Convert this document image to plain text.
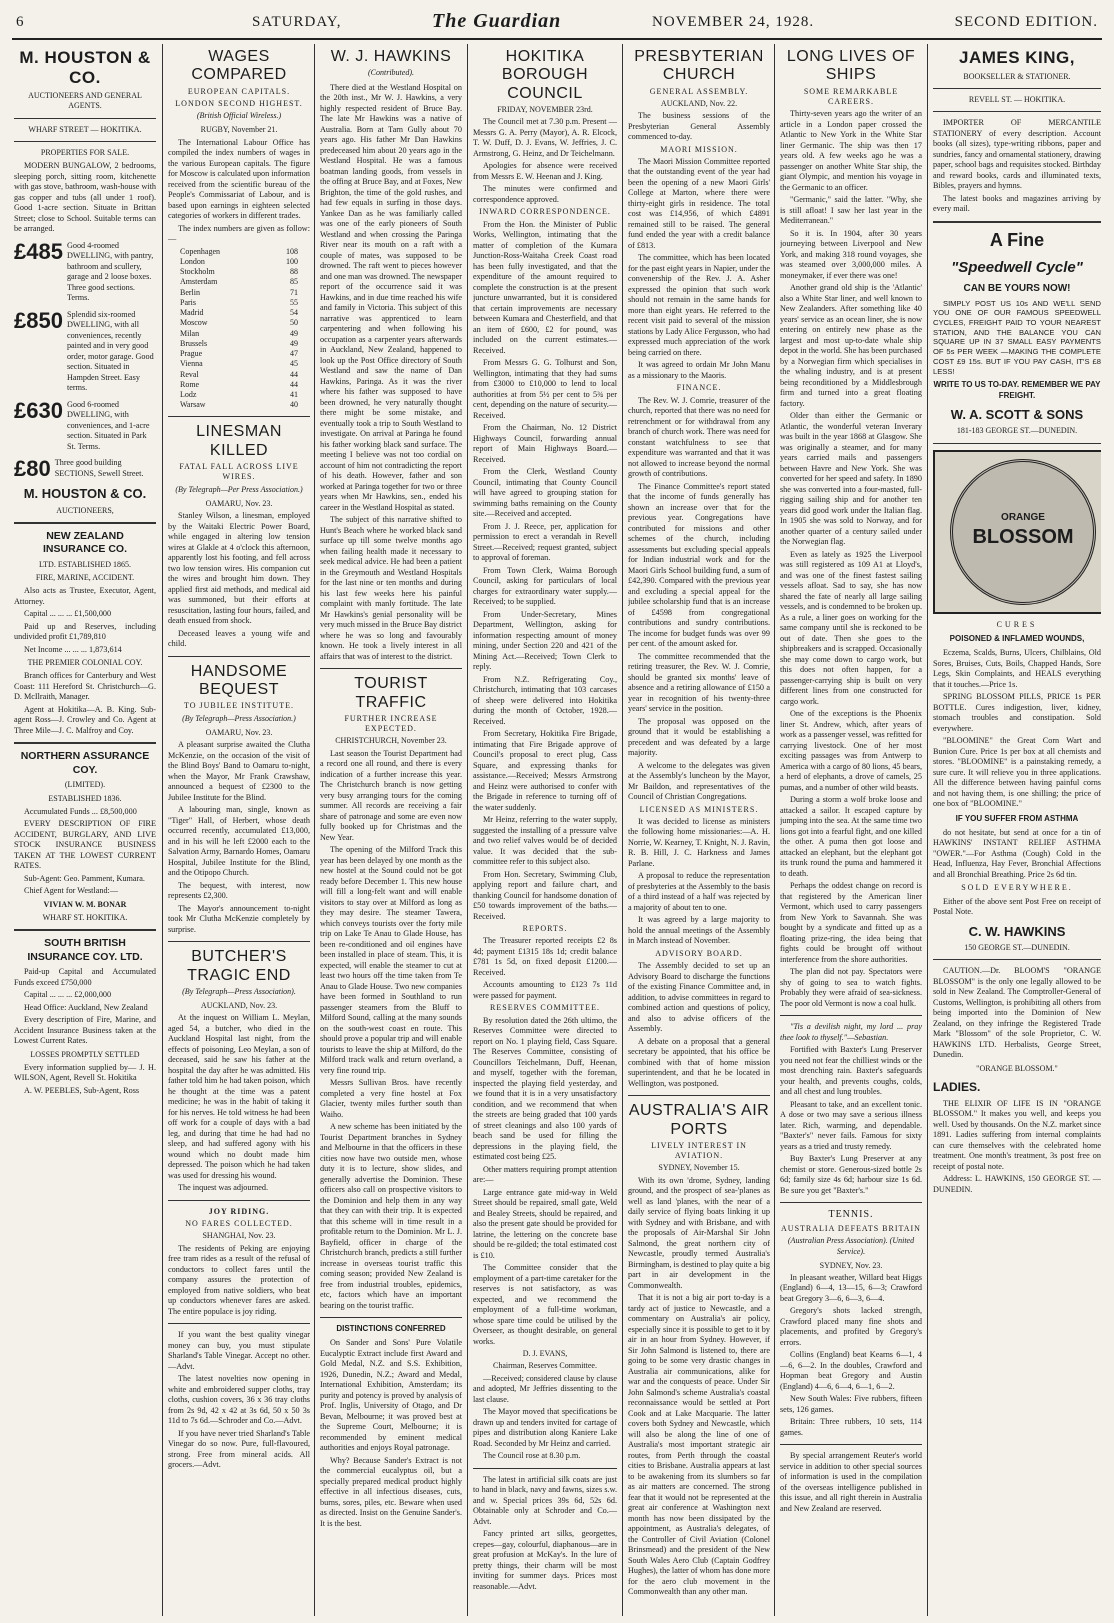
6	SATURDAY,	The Guardian	NOVEMBER 24, 1928.	SECOND EDITION.
M. HOUSTON & CO.
AUCTIONEERS AND GENERAL AGENTS.
WHARF STREET — HOKITIKA.
PROPERTIES FOR SALE.

MODERN BUNGALOW, 2 bedrooms, sleeping porch, sitting room, kitchenette with gas stove, bathroom, wash-house with gas copper and tubs (all under 1 roof). Good 1-acre section. Situate in Brittan Street; close to School. Suitable terms can be arranged.

£485 Good 4-roomed DWELLING, with pantry, bathroom and scullery, garage and 2 loose boxes. Three good sections. Terms.
£850 Splendid six-roomed DWELLING, with all conveniences, recently painted and in very good order, motor garage. Good section. Situated in Hampden Street. Easy terms.
£630 Good 6-roomed DWELLING, with conveniences, and 1-acre section. Situated in Park St. Terms.
£80 Three good building SECTIONS, Sewell Street.
M. HOUSTON & CO.
AUCTIONEERS,
NEW ZEALAND INSURANCE CO.
LTD. ESTABLISHED 1865.
FIRE, MARINE, ACCIDENT.

Also acts as Trustee, Executor, Agent, Attorney.

Capital ... ... ... £1,500,000

Paid up and Reserves, including undivided profit £1,789,810

Net Income ... ... ... 1,873,614

THE PREMIER COLONIAL COY.

Branch offices for Canterbury and West Coast: 111 Hereford St. Christchurch—G. D. McIlraith, Manager.

Agent at Hokitika—A. B. King. Sub-agent Ross—J. Crowley and Co. Agent at Three Mile—J. C. Malfroy and Coy.

NORTHERN ASSURANCE COY.
(LIMITED).
ESTABLISHED 1836.

Accumulated Funds ... £8,500,000

EVERY DESCRIPTION OF FIRE ACCIDENT, BURGLARY, AND LIVE STOCK INSURANCE BUSINESS TAKEN AT THE LOWEST CURRENT RATES.

Sub-Agent: Geo. Pamment, Kumara.

Chief Agent for Westland:—

VIVIAN W. M. BONAR
WHARF ST. HOKITIKA.
SOUTH BRITISH INSURANCE COY. LTD.

Paid-up Capital and Accumulated Funds exceed £750,000

Capital ... ... ... £2,000,000

Head Office: Auckland, New Zealand

Every description of Fire, Marine, and Accident Insurance Business taken at the Lowest Current Rates.

LOSSES PROMPTLY SETTLED

Every information supplied by— J. H. WILSON, Agent, Revell St. Hokitika

A. W. PEEBLES, Sub-Agent, Ross

WAGES COMPARED
EUROPEAN CAPITALS.
LONDON SECOND HIGHEST.
(British Official Wireless.)
RUGBY, November 21.

The International Labour Office has compiled the index numbers of wages in the various European capitals. The figure for Moscow is calculated upon information received from the scientific bureau of the People's Commissariat of Labour, and is based upon earnings in eighteen selected categories of workers in different trades.

The index numbers are given as follow:—

Copenhagen	108
London	100
Stockholm	88
Amsterdam	85
Berlin	71
Paris	55
Madrid	54
Moscow	50
Milan	49
Brussels	49
Prague	47
Vienna	45
Reval	44
Rome	44
Lodz	41
Warsaw	40
LINESMAN KILLED
FATAL FALL ACROSS LIVE WIRES.
(By Telegraph—Per Press Association.)
OAMARU, Nov. 23.

Stanley Wilson, a linesman, employed by the Waitaki Electric Power Board, while engaged in altering low tension wires at Glakle at 4 o'clock this afternoon, apparently lost his footing, and fell across two low tension wires. His companion cut the wires and brought him down. They applied first aid methods, and medical aid was summoned, but their efforts at resuscitation, lasting four hours, failed, and death ensued from shock.

Deceased leaves a young wife and child.

HANDSOME BEQUEST
TO JUBILEE INSTITUTE.
(By Telegraph—Press Association.)
OAMARU, Nov. 23.

A pleasant surprise awaited the Clutha McKenzie, on the occasion of the visit of the Blind Boys' Band to Oamaru to-night, when the Mayor, Mr Frank Crawshaw, announced a bequest of £2300 to the Jubilee Institute for the Blind.

A labouring man, single, known as "Tiger" Hall, of Herbert, whose death occurred recently, accumulated £13,000, and in his will he left £2000 each to the Salvation Army, Barnardo Homes, Oamaru Hospital, Jubilee Institute for the Blind, and the Otipopo Church.

The bequest, with interest, now represents £2,300.

The Mayor's announcement to-night took Mr Clutha McKenzie completely by surprise.

BUTCHER'S TRAGIC END
(By Telegraph—Press Association).
AUCKLAND, Nov. 23.

At the inquest on William L. Meylan, aged 54, a butcher, who died in the Auckland Hospital last night, from the effects of poisoning, Leo Meylan, a son of deceased, said he saw his father at the hospital the day after he was admitted. His father told him he had taken poison, which he thought at the time was a patent medicine; he was in the habit of taking it for his nerves. He told witness he had been off work for a couple of days with a bad leg, and during that time he had had no sleep, and had suffered agony with his wound which no doubt made him depressed. The poison which he had taken was used for dressing his wound.

The inquest was adjourned.

JOY RIDING.
NO FARES COLLECTED.
SHANGHAI, Nov. 23.

The residents of Peking are enjoying free tram rides as a result of the refusal of conductors to collect fares until the company assures the protection of employed from native soldiers, who beat up conductors whenever fares are asked. The entire populace is joy riding.

If you want the best quality vinegar money can buy, you must stipulate Sharland's Table Vinegar. Accept no other.—Advt.

The latest novelties now opening in white and embroidered supper cloths, tray cloths, cushion covers, 36 x 36 tray cloths from 2s 9d, 42 x 42 at 3s 6d, 50 x 50 3s 11d to 7s 6d.—Schroder and Co.—Advt.

If you have never tried Sharland's Table Vinegar do so now. Pure, full-flavoured, strong. Free from mineral acids. All grocers.—Advt.

W. J. HAWKINS
(Contributed).

There died at the Westland Hospital on the 20th inst., Mr W. J. Hawkins, a very highly respected resident of Bruce Bay. The late Mr Hawkins was a native of Australia. Born at Tarn Gully about 70 years ago. His father Mr Dan Hawkins predeceased him about 20 years ago in the Westland Hospital. He was a famous boatman landing goods, from vessels in the offing at Bruce Bay, and at Foxes, New Brighton, the time of the gold rushes, and had few equals in surfing in those days. Yankee Dan as he was familiarly called was one of the early pioneers of South Westland and when crossing the Paringa River near its mouth on a raft with a couple of mates, was supposed to be drowned. The raft went to pieces however and one man was drowned. The newspaper report of the occurrence said it was Hawkins, and in due time reached his wife and family in Victoria. This subject of this narrative was apprenticed to learn carpentering and when following his occupation as a carpenter years afterwards in Auckland, New Zealand, happened to look up the Post Office directory of South Westland and saw the name of Dan Hawkins, Paringa. As it was the river where his father was supposed to have been drowned, he very naturally thought there might be some mistake, and eventually took a trip to South Westland to investigate. On arrival at Paringa he found his father working black sand surface. The meeting I believe was not too cordial on account of him not contradicting the report of his death. However, father and son worked at Paringa together for two or three years when Mr Hawkins, sen., ended his career in the Westland Hospital as stated.

The subject of this narrative shifted to Hunt's Beach where he worked black sand surface up till some twelve months ago when failing health made it necessary to seek medical advice. He had been a patient in the Greymouth and Westland Hospitals for the last nine or ten months and during his last few weeks here his painful complaint with manly fortitude. The late Mr Hawkins's genial personality will be very much missed in the Bruce Bay district where he was so long and favourably known. He took a lively interest in all affairs that was of interest to the district.

TOURIST TRAFFIC
FURTHER INCREASE EXPECTED.
CHRISTCHURCH, November 23.

Last season the Tourist Department had a record one all round, and there is every indication of a further increase this year. The Christchurch branch is now getting very busy arranging tours for the coming summer. All records are receiving a fair share of patronage and some are even now fully booked up for Christmas and the New Year.

The opening of the Milford Track this year has been delayed by one month as the new hostel at the Sound could not be got ready before December 1. This new house will fill a long-felt want and will enable visitors to stay over at Milford as long as they may desire. The steamer Tawera, which conveys tourists over the forty mile trip on Lake Te Anau to Glade House, has been re-conditioned and oil engines have been installed in place of steam. This, it is expected, will enable the steamer to cut at least two hours off the time taken from Te Anau to Glade House. Two new companies have been formed in Southland to run passenger steamers from the Bluff to Milford Sound, calling at the many sounds on the south-west coast en route. This should prove a popular trip and will enable tourists to leave the ship at Milford, do the Milford track walk and return overland, a very fine round trip.

Messrs Sullivan Bros. have recently completed a very fine hostel at Fox Glacier, twenty miles further south than Waiho.

A new scheme has been initiated by the Tourist Department branches in Sydney and Melbourne in that the officers in these cities now have two outside men, whose duty it is to lecture, show slides, and generally advertise the Dominion. These officers also call on prospective visitors to the Dominion and help them in any way that they can with their trip. It is expected that this scheme will in time result in a profitable return to the Dominion. Mr L. J. Bayfield, officer in charge of the Christchurch branch, predicts a still further increase in overseas tourist traffic this coming season; provided New Zealand is free from industrial troubles, epidemics, etc, factors which have an important bearing on the tourist traffic.

DISTINCTIONS CONFERRED

On Sander and Sons' Pure Volatile Eucalyptic Extract include first Award and Gold Medal, N.Z. and S.S. Exhibition, 1926, Dunedin, N.Z.; Award and Medal, International Exhibition, Amsterdam; its purity and potency is proved by analysis of Prof. Inglis, University of Otago, and Dr Bevan, Melbourne; it was proved best at the Supreme Court, Melbourne; it is recommended by eminent medical authorities and enjoys Royal patronage.

Why? Because Sander's Extract is not the commercial eucalyptus oil, but a specially prepared medical product highly effective in all infectious diseases, cuts, burns, sores, piles, etc. Beware when used as directed. Insist on the Genuine Sander's. It is the best.

HOKITIKA BOROUGH COUNCIL
FRIDAY, NOVEMBER 23rd.

The Council met at 7.30 p.m. Present — Messrs G. A. Perry (Mayor), A. R. Elcock, T. W. Duff, D. J. Evans, W. Jeffries, J. C. Armstrong, G. Heinz, and Dr Teichelmann.

Apologies for absence were received from Messrs E. W. Heenan and J. King.

The minutes were confirmed and correspondence approved.

INWARD CORRESPONDENCE.

From the Hon. the Minister of Public Works, Wellington, intimating that the matter of completion of the Kumara Junction-Ross-Waitaha Creek Coast road has been fully investigated, and that the expenditure of the amount required to complete the construction is at the present juncture unwarranted, but it is considered that certain improvements are necessary between Kumara and Chesterfield, and that an item of £600, £2 for pound, was included on the current estimates.—Received.

From Messrs G. G. Tolhurst and Son, Wellington, intimating that they had sums from £3000 to £10,000 to lend to local authorities at from 5½ per cent to 5¾ per cent, depending on the nature of security.—Received.

From the Chairman, No. 12 District Highways Council, forwarding annual report of Main Highways Board.—Received.

From the Clerk, Westland County Council, intimating that County Council will have agreed to grouping station for swimming baths remaining on the County site.—Received and accepted.

From J. J. Reece, per, application for permission to erect a verandah in Revell Street.—Received; request granted, subject to approval of foreman.

From Town Clerk, Waima Borough Council, asking for particulars of local charges for extraordinary water supply.—Received; to be supplied.

From Under-Secretary, Mines Department, Wellington, asking for information respecting amount of money mining, under Section 220 and 421 of the Mining Act.—Received; Town Clerk to reply.

From N.Z. Refrigerating Coy., Christchurch, intimating that 103 carcases of sheep were delivered into Hokitika during the month of October, 1928.—Received.

From Secretary, Hokitika Fire Brigade, intimating that Fire Brigade approve of Council's proposal to erect plug, Cass Square, and expressing thanks for assistance.—Received; Messrs Armstrong and Heinz were authorised to confer with the Brigade in reference to turning off of the water suddenly.

Mr Heinz, referring to the water supply, suggested the installing of a pressure valve and two relief valves would be of decided value. It was decided that the sub-committee refer to this subject also.

From Hon. Secretary, Swimming Club, applying report and failure chart, and thanking Council for handsome donation of £50 towards improvement of the baths.—Received.

REPORTS.

The Treasurer reported receipts £2 8s 4d; payment £1315 18s 1d; credit balance £781 1s 5d, on fixed deposit £1200.—Received.

Accounts amounting to £123 7s 11d were passed for payment.

RESERVES COMMITTEE.

By resolution dated the 26th ultimo, the Reserves Committee were directed to report on No. 1 playing field, Cass Square. The Reserves Committee, consisting of Councillors Teichelmann, Duff, Heenan, and myself, together with the foreman, inspected the playing field yesterday, and we found that it is in a very unsatisfactory condition, and we recommend that when the streets are being graded that 100 yards of street cleanings and also 100 yards of beach sand be used for filling the depressions in the playing field, the estimated cost being £25.

Other matters requiring prompt attention are:—

Large entrance gate mid-way in Weld Street should be repaired, small gate, Weld and Bealey Streets, should be repaired, and also the present gate should be provided for latrine, the lettering on the concrete base should be re-gilded; the total estimated cost is £10.

The Committee consider that the employment of a part-time caretaker for the reserves is not satisfactory, as was expected, and we recommend the employment of a full-time workman, whose spare time could be utilised by the Overseer, as thought desirable, on general works.

D. J. EVANS,
Chairman, Reserves Committee.

—Received; considered clause by clause and adopted, Mr Jeffries dissenting to the last clause.

The Mayor moved that specifications be drawn up and tenders invited for cartage of pipes and distribution along Kaniere Lake Road. Seconded by Mr Heinz and carried.

The Council rose at 8.30 p.m.

The latest in artificial silk coats are just to hand in black, navy and fawns, sizes s.w. and w. Special prices 39s 6d, 52s 6d. Obtainable only at Schroder and Co.—Advt.

Fancy printed art silks, georgettes, crepes—gay, colourful, diaphanous—are in great profusion at McKay's. In the lure of pretty things, their charm will be most inviting for summer days. Prices most reasonable.—Advt.

PRESBYTERIAN CHURCH
GENERAL ASSEMBLY.
AUCKLAND, Nov. 22.

The business sessions of the Presbyterian General Assembly commenced to-day.

MAORI MISSION.

The Maori Mission Committee reported that the outstanding event of the year had been the opening of a new Maori Girls' College at Marton, where there were thirty-eight girls in residence. The total cost was £14,956, of which £4891 remained still to be raised. The general fund ended the year with a credit balance of £813.

The committee, which has been located for the past eight years in Napier, under the convenership of the Rev. J. A. Asher expressed the opinion that such work should not remain in the same hands for more than eight years. He referred to the recent visit paid to several of the mission stations by Lady Alice Fergusson, who had expressed much appreciation of the work being carried on there.

It was agreed to ordain Mr John Manu as a missionary to the Maoris.

FINANCE.

The Rev. W. J. Comrie, treasurer of the church, reported that there was no need for retrenchment or for withdrawal from any branch of church work. There was need for constant watchfulness to see that expenditure was warranted and that it was not allowed to increase beyond the normal growth of contributions.

The Finance Committee's report stated that the income of funds generally has shown an increase over that for the previous year. Congregations have contributed for missions and other schemes of the church, including assessments but excluding special appeals for Indian industrial work and for the Maori Girls School building fund, a sum of £42,390. Compared with the previous year and excluding a special appeal for the jubilee scholarship fund that is an increase of £4598 from congregational contributions and sundry contributions. The income for budget funds was over 99 per cent. of the amount asked for.

The committee recommended that the retiring treasurer, the Rev. W. J. Comrie, should be granted six months' leave of absence and a retiring allowance of £150 a year in recognition of his twenty-three years' service in the position.

The proposal was opposed on the ground that it would be establishing a precedent and was defeated by a large majority.

A welcome to the delegates was given at the Assembly's luncheon by the Mayor, Mr Baildon, and representatives of the Council of Christian Congregations.

LICENSED AS MINISTERS.

It was decided to license as ministers the following home missionaries:—A. H. Norrie, W. Kearney, T. Knight, N. J. Ravin, R. B. Hill, J. C. Harkness and James Parlane.

A proposal to reduce the representation of presbyteries at the Assembly to the basis of a third instead of a half was rejected by a majority of about ten to one.

It was agreed by a large majority to hold the annual meetings of the Assembly in March instead of November.

ADVISORY BOARD.

The Assembly decided to set up an Advisory Board to discharge the functions of the existing Finance Committee and, in addition, to advise committees in regard to combined action and questions of policy, and also to advise officers of the Assembly.

A debate on a proposal that a general secretary be appointed, that his office be combined with that of home mission superintendent, and that he be located in Wellington, was postponed.

AUSTRALIA'S AIR PORTS
LIVELY INTEREST IN AVIATION.
SYDNEY, November 15.

With its own 'drome, Sydney, landing ground, and the prospect of sea-'planes as well as land 'planes, with the near of a daily service of flying boats linking it up with Sydney and with Brisbane, and with the proposals of Air-Marshal Sir John Salmond, the great northern city of Newcastle, proudly termed Australia's Birmingham, is destined to play quite a big part in air development in the Commonwealth.

That it is not a big air port to-day is a tardy act of justice to Newcastle, and a commentary on Australia's air policy, especially since it is possible to get to it by air in an hour from Sydney. However, if Sir John Salmond is listened to, there are going to be some very drastic changes in Australia air communications, alike for war and the conquests of peace. Under Sir John Salmond's scheme Australia's coastal reconnaissance would be settled at Port Cook and at Lake Macquarie. The latter covers both Sydney and Newcastle, which will also be along the line of one of Australia's most important strategic air routes, from Perth through the coastal cities to Brisbane. Australia appears at last to be awakening from its slumbers so far as air matters are concerned. The strong fear that it would not be represented at the great air conference at Washington next month has now been dissipated by the appointment, as Australia's delegates, of the Controller of Civil Aviation (Colonel Brinsmead) and the president of the New South Wales Aero Club (Captain Godfrey Hughes), the latter of whom has done more for the aero club movement in the Commonwealth than any other man.

LONG LIVES OF SHIPS
SOME REMARKABLE CAREERS.

Thirty-seven years ago the writer of an article in a London paper crossed the Atlantic to New York in the White Star liner Germanic. The ship was then 17 years old. A few weeks ago he was a passenger on another White Star ship, the giant Olympic, and mention his voyage in the Germanic to an officer.

"Germanic," said the latter. "Why, she is still afloat! I saw her last year in the Mediterranean."

So it is. In 1904, after 30 years journeying between Liverpool and New York, and making 318 round voyages, she was steamed over 3,000,000 miles. A moneymaker, if ever there was one!

Another grand old ship is the 'Atlantic' also a White Star liner, and well known to New Zealanders. After something like 40 years' service as an ocean liner, she is now entering on entirely new phase as the largest and most up-to-date whale ship depot in the world. She has been purchased by a Norwegian firm which specialises in the whaling industry, and is at present being reconditioned by a Middlesbrough firm and turned into a great floating factory.

Older than either the Germanic or Atlantic, the wonderful veteran Inverary was built in the year 1868 at Glasgow. She was originally a steamer, and for many years carried mails and passengers between Havre and New York. She was converted for her speed and safety. In 1890 she was converted into a four-masted, full-rigging sailing ship and for another ten years did good work under the Italian flag. In 1905 she was sold to Norway, and for another quarter of a century sailed under the Norwegian flag.

Even as lately as 1925 the Liverpool was still registered as 109 A1 at Lloyd's, and was one of the finest fastest sailing vessels afloat. Sad to say, she has now shared the fate of nearly all large sailing vessels, and is condemned to be broken up. As a rule, a liner goes on working for the same company until she is reckoned to be out of date. Then she goes to the shipbreakers and is scrapped. Occasionally she may come down to cargo work, but this does not often happen, for a passenger-carrying ship is built on very different lines from one constructed for cargo work.

One of the exceptions is the Phoenix liner St. Andrew, which, after years of work as a passenger vessel, was refitted for carrying livestock. One of her most exciting passages was from Antwerp to America with a cargo of 80 lions, 45 bears, a herd of elephants, a drove of camels, 25 pumas, and a number of other wild beasts.

During a storm a wolf broke loose and attacked a sailor. It escaped capture by jumping into the sea. At the same time two lions got into a fearful fight, and one killed the other. A puma then got loose and attacked an elephant, but the elephant got its trunk round the puma and hammered it to death.

Perhaps the oddest change on record is that registered by the American liner Vermont, which used to carry passengers from New York to Savannah. She was bought by a syndicate and fitted up as a floating prize-ring, the idea being that fights could be brought off without interference from the shore authorities.

The plan did not pay. Spectators were shy of going to sea to watch fights. Probably they were afraid of sea-sickness. The poor old Vermont is now a coal hulk.

"Tis a devilish night, my lord ... pray thee look to thyself."—Sebastian.

Fortified with Baxter's Lung Preserver you need not fear the chilliest winds or the most drenching rain. Baxter's safeguards your health, and prevents coughs, colds, and all chest and lung troubles.

Pleasant to take, and an excellent tonic. A dose or two may save a serious illness later. Rich, warming, and dependable. "Baxter's" never fails. Famous for sixty years as a tried and trusty remedy.

Buy Baxter's Lung Preserver at any chemist or store. Generous-sized bottle 2s 6d; family size 4s 6d; harbour size 1s 6d. Be sure you get "Baxter's."

TENNIS.
AUSTRALIA DEFEATS BRITAIN
(Australian Press Association). (United Service).
SYDNEY, Nov. 23.

In pleasant weather, Willard beat Higgs (England) 6—4, 13—15, 6—3; Crawford beat Gregory 3—6, 6—3, 6—4.

Gregory's shots lacked strength, Crawford placed many fine shots and placements, and profited by Gregory's errors.

Collins (England) beat Kearns 6—1, 4—6, 6—2. In the doubles, Crawford and Hopman beat Gregory and Austin (England) 4—6, 6—4, 6—1, 6—2.

New South Wales: Five rubbers, fifteen sets, 126 games.

Britain: Three rubbers, 10 sets, 114 games.

By special arrangement Reuter's world service in addition to other special sources of information is used in the compilation of the overseas intelligence published in this issue, and all right therein in Australia and New Zealand are reserved.

JAMES KING,
BOOKSELLER & STATIONER.
REVELL ST. — HOKITIKA.

IMPORTER OF MERCANTILE STATIONERY of every description. Account books (all sizes), type-writing ribbons, paper and sundries, fancy and ornamental stationery, drawing paper, school bags and requisites stocked. Birthday and reward books, cards and illuminated texts, Bibles, prayers and hymns.

The latest books and magazines arriving by every mail.

A Fine
"Speedwell Cycle"
CAN BE YOURS NOW!

SIMPLY POST US 10s AND WE'LL SEND YOU ONE OF OUR FAMOUS SPEEDWELL CYCLES, FREIGHT PAID TO YOUR NEAREST STATION, AND THE BALANCE YOU CAN SQUARE UP IN 37 SMALL EASY PAYMENTS OF 5s PER WEEK —MAKING THE COMPLETE COST £9 15s. BUT IF YOU PAY CASH, IT'S £8 LESS!

WRITE TO US TO-DAY. REMEMBER WE PAY FREIGHT.
W. A. SCOTT & SONS
181-183 GEORGE ST.—DUNEDIN.
ORANGE
BLOSSOM
CURES
POISONED & INFLAMED WOUNDS,

Eczema, Scalds, Burns, Ulcers, Chilblains, Old Sores, Bruises, Cuts, Boils, Chapped Hands, Sore Legs, Skin Complaints, and HEALS everything that it touches.—Price 1s.

SPRING BLOSSOM PILLS, PRICE 1s PER BOTTLE. Cures indigestion, liver, kidney, stomach troubles and constipation. Sold everywhere.

"BLOOMINE" the Great Corn Wart and Bunion Cure. Price 1s per box at all chemists and stores. "BLOOMINE" is a painstaking remedy, a sure cure. It will relieve you in three applications. All the difference between having painful corns and not having them, is one shilling; the price of one box of "BLOOMINE."

IF YOU SUFFER FROM ASTHMA

do not hesitate, but send at once for a tin of HAWKINS' INSTANT RELIEF ASTHMA "OWER."—For Asthma (Cough) Cold in the Head, Influenza, Hay Fever, Bronchial Affections and all Bronchial Breathing. Price 2s 6d tin.

SOLD EVERYWHERE.

Either of the above sent Post Free on receipt of Postal Note.

C. W. HAWKINS
150 GEORGE ST.—DUNEDIN.

CAUTION.—Dr. BLOOM'S "ORANGE BLOSSOM" is the only one legally allowed to be sold in New Zealand. The Comptroller-General of Customs, Wellington, is prohibiting all others from being imported into the Dominion of New Zealand, on they infringe the Registered Trade Mark "Blossom" of the sole Proprietor, C. W. HAWKINS LTD. Herbalists, George Street, Dunedin.

"ORANGE BLOSSOM."
LADIES.

THE ELIXIR OF LIFE IS IN "ORANGE BLOSSOM." It makes you well, and keeps you well. Used by thousands. On the N.Z. market since 1891. Ladies suffering from internal complaints can cure themselves with the celebrated home treatment. One month's treatment, 3s post free on receipt of postal note.

Address: L. HAWKINS, 150 GEORGE ST. — DUNEDIN.
